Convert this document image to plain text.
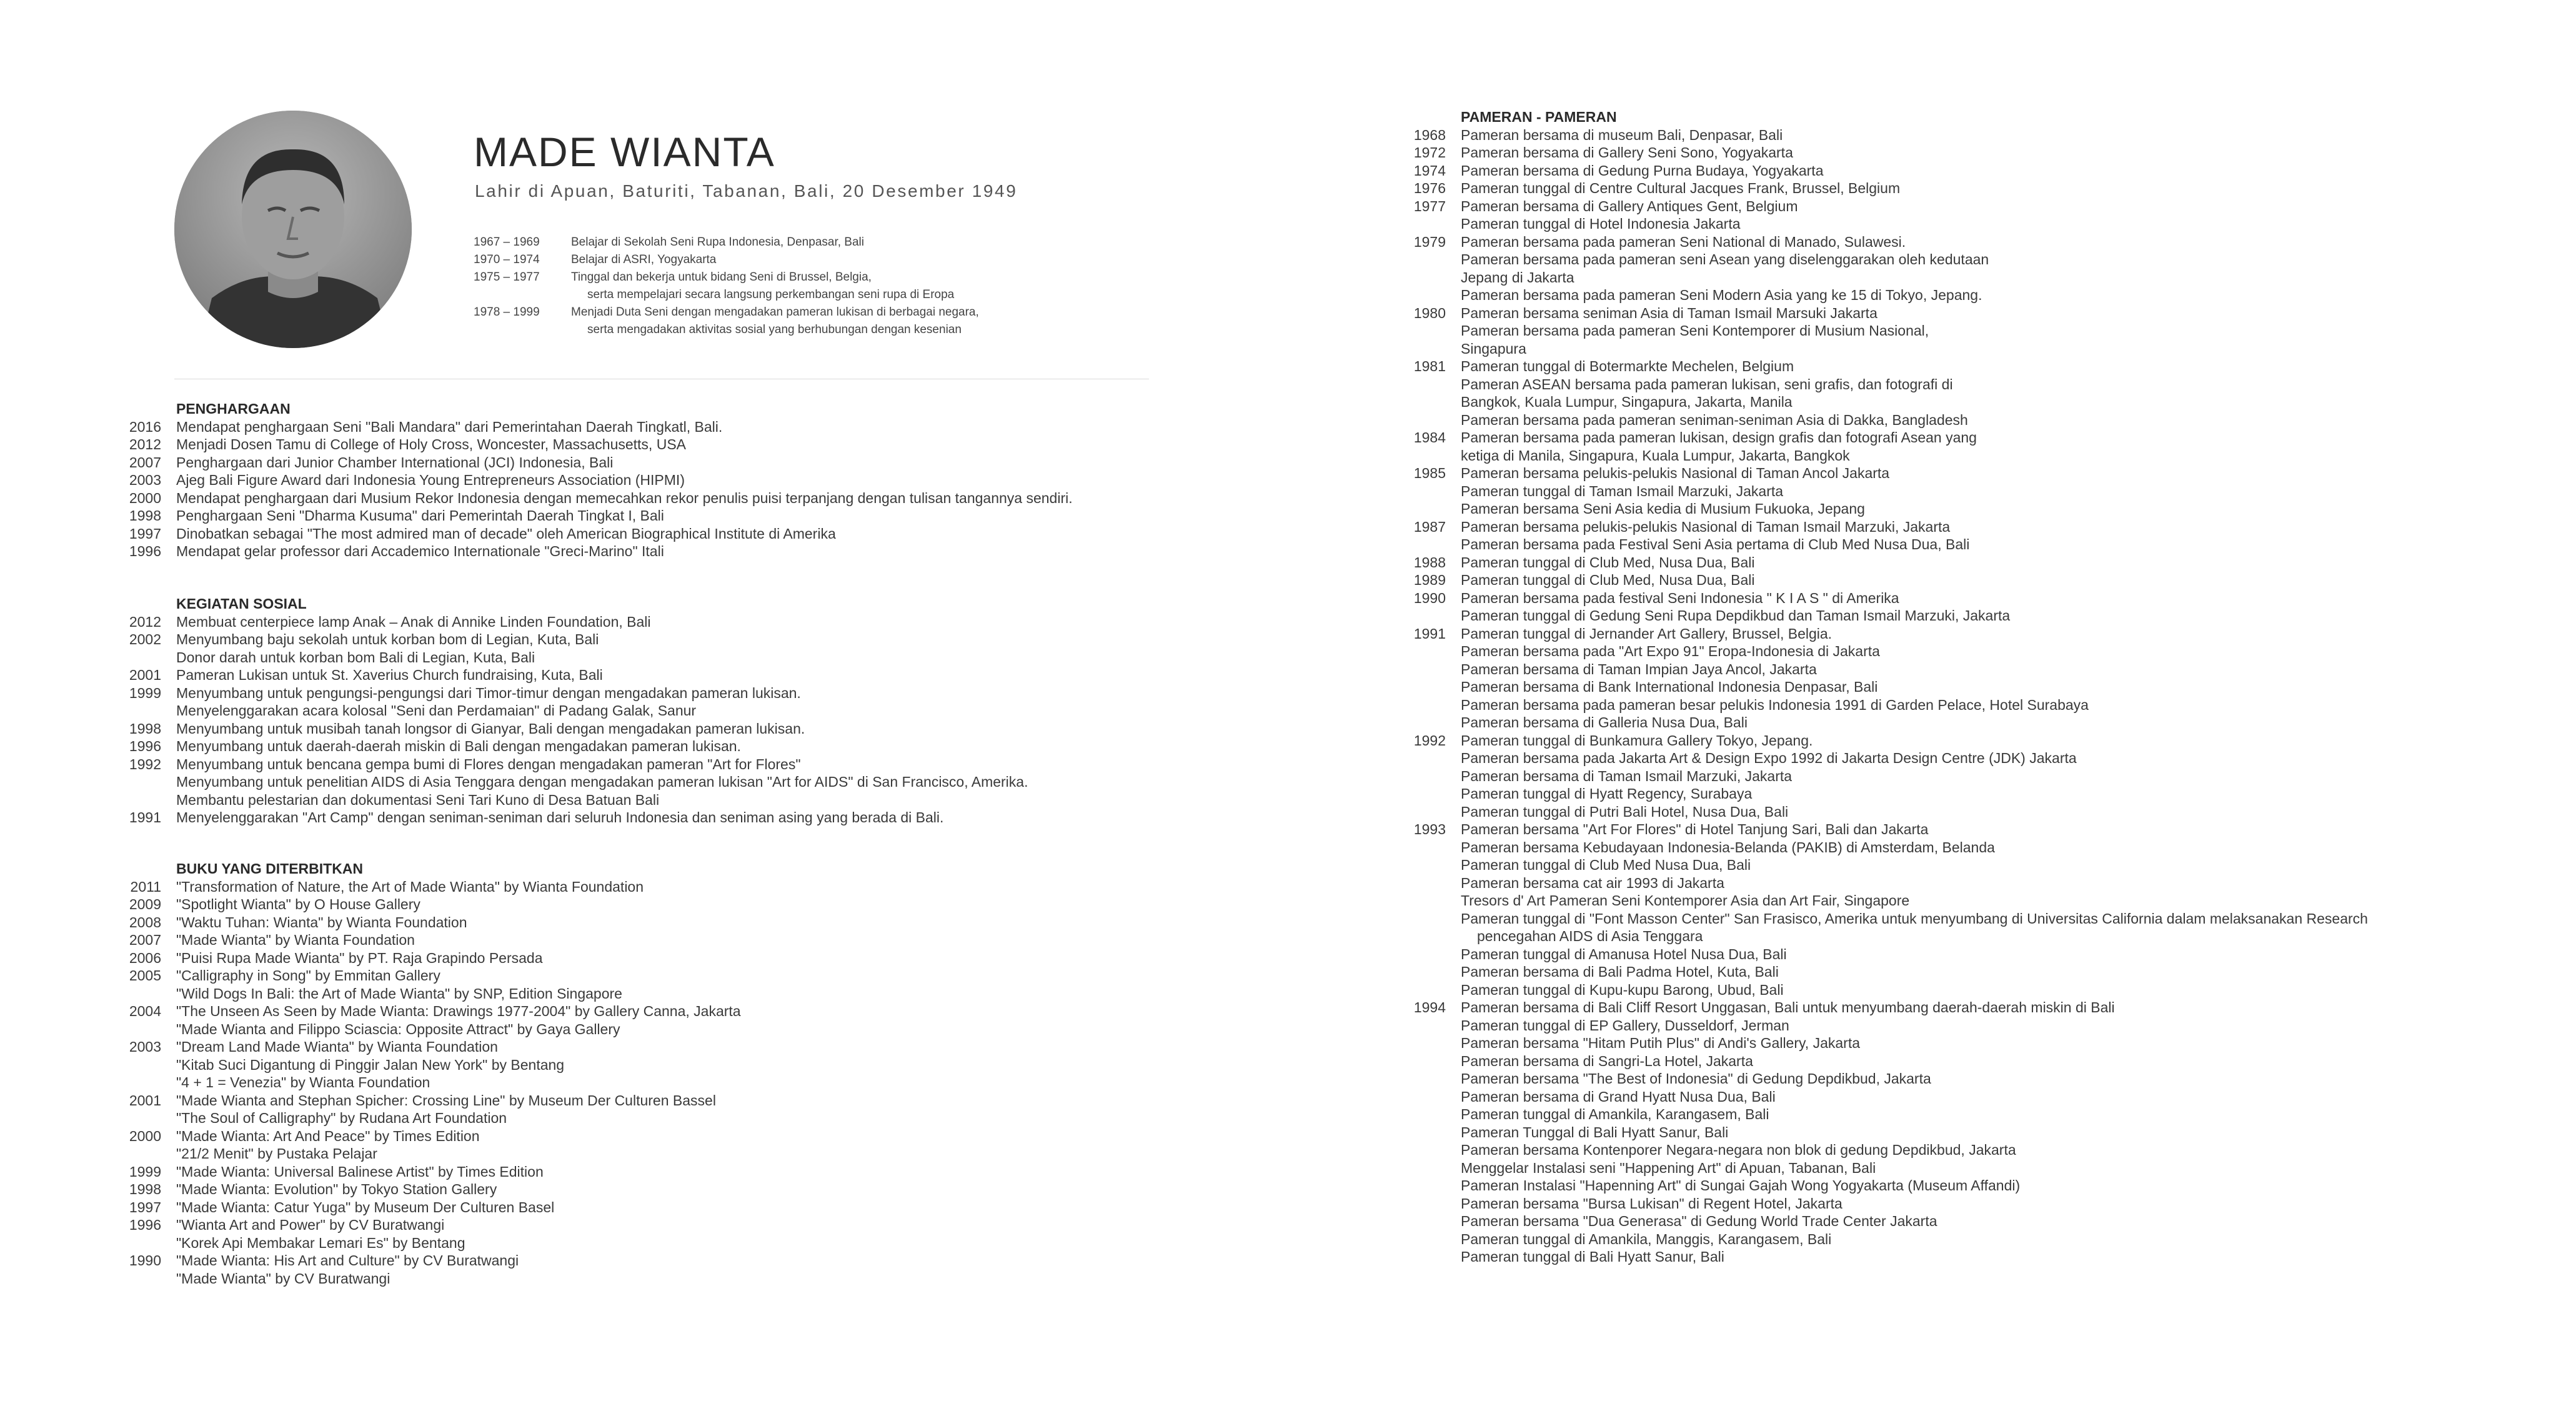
MADE WIANTA
Lahir di Apuan, Baturiti, Tabanan, Bali, 20 Desember 1949
1967 – 1969	Belajar di Sekolah Seni Rupa Indonesia, Denpasar, Bali
1970 – 1974	Belajar di ASRI, Yogyakarta
1975 – 1977	Tinggal dan bekerja untuk bidang Seni di Brussel, Belgia,
serta mempelajari secara langsung perkembangan seni rupa di Eropa
1978 – 1999	Menjadi Duta Seni dengan mengadakan pameran lukisan di berbagai negara,
serta mengadakan aktivitas sosial yang berhubungan dengan kesenian
PENGHARGAAN
2016	Mendapat penghargaan Seni "Bali Mandara" dari Pemerintahan Daerah Tingkatl, Bali.
2012	Menjadi Dosen Tamu di College of Holy Cross, Woncester, Massachusetts, USA
2007	Penghargaan dari Junior Chamber International (JCI) Indonesia, Bali
2003	Ajeg Bali Figure Award dari Indonesia Young Entrepreneurs Association (HIPMI)
2000	Mendapat penghargaan dari Musium Rekor Indonesia dengan memecahkan rekor penulis puisi terpanjang dengan tulisan tangannya sendiri.
1998	Penghargaan Seni "Dharma Kusuma" dari Pemerintah Daerah Tingkat I, Bali
1997	Dinobatkan sebagai "The most admired man of decade" oleh American Biographical Institute di Amerika
1996	Mendapat gelar professor dari Accademico Internationale "Greci-Marino" Itali
KEGIATAN SOSIAL
2012	Membuat centerpiece lamp Anak – Anak di Annike Linden Foundation, Bali
2002	Menyumbang baju sekolah untuk korban bom di Legian, Kuta, Bali
Donor darah untuk korban bom Bali di Legian, Kuta, Bali
2001	Pameran Lukisan untuk St. Xaverius Church fundraising, Kuta, Bali
1999	Menyumbang untuk pengungsi-pengungsi dari Timor-timur dengan mengadakan pameran lukisan.
Menyelenggarakan acara kolosal "Seni dan Perdamaian" di Padang Galak, Sanur
1998	Menyumbang untuk musibah tanah longsor di Gianyar, Bali dengan mengadakan pameran lukisan.
1996	Menyumbang untuk daerah-daerah miskin di Bali dengan mengadakan pameran lukisan.
1992	Menyumbang untuk bencana gempa bumi di Flores dengan mengadakan pameran "Art for Flores"
Menyumbang untuk penelitian AIDS di Asia Tenggara dengan mengadakan pameran lukisan "Art for AIDS" di San Francisco, Amerika.
Membantu pelestarian dan dokumentasi Seni Tari Kuno di Desa Batuan Bali
1991	Menyelenggarakan "Art Camp" dengan seniman-seniman dari seluruh Indonesia dan seniman asing yang berada di Bali.
BUKU YANG DITERBITKAN
2011	"Transformation of Nature, the Art of Made Wianta" by Wianta Foundation
2009	"Spotlight Wianta" by O House Gallery
2008	"Waktu Tuhan: Wianta" by Wianta Foundation
2007	"Made Wianta" by Wianta Foundation
2006	"Puisi Rupa Made Wianta" by PT. Raja Grapindo Persada
2005	"Calligraphy in Song" by Emmitan Gallery
"Wild Dogs In Bali: the Art of Made Wianta" by SNP, Edition Singapore
2004	"The Unseen As Seen by Made Wianta: Drawings 1977-2004" by Gallery Canna, Jakarta
"Made Wianta and Filippo Sciascia: Opposite Attract" by Gaya Gallery
2003	"Dream Land Made Wianta" by Wianta Foundation
"Kitab Suci Digantung di Pinggir Jalan New York" by Bentang
"4 + 1 = Venezia" by Wianta Foundation
2001	"Made Wianta and Stephan Spicher: Crossing Line" by Museum Der Culturen Bassel
"The Soul of Calligraphy" by Rudana Art Foundation
2000	"Made Wianta: Art And Peace" by Times Edition
"21/2 Menit" by Pustaka Pelajar
1999	"Made Wianta: Universal Balinese Artist" by Times Edition
1998	"Made Wianta: Evolution" by Tokyo Station Gallery
1997	"Made Wianta: Catur Yuga" by Museum Der Culturen Basel
1996	"Wianta Art and Power" by CV Buratwangi
"Korek Api Membakar Lemari Es" by Bentang
1990	"Made Wianta: His Art and Culture" by CV Buratwangi
"Made Wianta" by CV Buratwangi
PAMERAN - PAMERAN
1968	Pameran bersama di museum Bali, Denpasar, Bali
1972	Pameran bersama di Gallery Seni Sono, Yogyakarta
1974	Pameran bersama di Gedung Purna Budaya, Yogyakarta
1976	Pameran tunggal di Centre Cultural Jacques Frank, Brussel, Belgium
1977	Pameran bersama di Gallery Antiques Gent, Belgium
Pameran tunggal di Hotel Indonesia Jakarta
1979	Pameran bersama pada pameran Seni National di Manado, Sulawesi.
Pameran bersama pada pameran seni Asean yang diselenggarakan oleh kedutaan
Jepang di Jakarta
Pameran bersama pada pameran Seni Modern Asia yang ke 15 di Tokyo, Jepang.
1980	Pameran bersama seniman Asia di Taman Ismail Marsuki Jakarta
Pameran bersama pada pameran Seni Kontemporer di Musium Nasional,
Singapura
1981	Pameran tunggal di Botermarkte Mechelen, Belgium
Pameran ASEAN bersama pada pameran lukisan, seni grafis, dan fotografi di
Bangkok, Kuala Lumpur, Singapura, Jakarta, Manila
Pameran bersama pada pameran seniman-seniman Asia di Dakka, Bangladesh
1984	Pameran bersama pada pameran lukisan, design grafis dan fotografi Asean yang
ketiga di Manila, Singapura, Kuala Lumpur, Jakarta, Bangkok
1985	Pameran bersama pelukis-pelukis Nasional di Taman Ancol Jakarta
Pameran tunggal di Taman Ismail Marzuki, Jakarta
Pameran bersama Seni Asia kedia di Musium Fukuoka, Jepang
1987	Pameran bersama pelukis-pelukis Nasional di Taman Ismail Marzuki, Jakarta
Pameran bersama pada Festival Seni Asia pertama di Club Med Nusa Dua, Bali
1988	Pameran tunggal di Club Med, Nusa Dua, Bali
1989	Pameran tunggal di Club Med, Nusa Dua, Bali
1990	Pameran bersama pada festival Seni Indonesia " K I A S " di Amerika
Pameran tunggal di Gedung Seni Rupa Depdikbud dan Taman Ismail Marzuki, Jakarta
1991	Pameran tunggal di Jernander Art Gallery, Brussel, Belgia.
Pameran bersama pada "Art Expo 91" Eropa-Indonesia di Jakarta
Pameran bersama di Taman Impian Jaya Ancol, Jakarta
Pameran bersama di Bank International Indonesia Denpasar, Bali
Pameran bersama pada pameran besar pelukis Indonesia 1991 di Garden Pelace, Hotel Surabaya
Pameran bersama di Galleria Nusa Dua, Bali
1992	Pameran tunggal di Bunkamura Gallery Tokyo, Jepang.
Pameran bersama pada Jakarta Art & Design Expo 1992 di Jakarta Design Centre (JDK) Jakarta
Pameran bersama di Taman Ismail Marzuki, Jakarta
Pameran tunggal di Hyatt Regency, Surabaya
Pameran tunggal di Putri Bali Hotel, Nusa Dua, Bali
1993	Pameran bersama "Art For Flores" di Hotel Tanjung Sari, Bali dan Jakarta
Pameran bersama Kebudayaan Indonesia-Belanda (PAKIB) di Amsterdam, Belanda
Pameran tunggal di Club Med Nusa Dua, Bali
Pameran bersama cat air 1993 di Jakarta
Tresors d' Art Pameran Seni Kontemporer Asia dan Art Fair, Singapore
Pameran tunggal di "Font Masson Center" San Frasisco, Amerika untuk menyumbang di Universitas California dalam melaksanakan Research
pencegahan AIDS di Asia Tenggara
Pameran tunggal di Amanusa Hotel Nusa Dua, Bali
Pameran bersama di Bali Padma Hotel, Kuta, Bali
Pameran tunggal di Kupu-kupu Barong, Ubud, Bali
1994	Pameran bersama di Bali Cliff Resort Unggasan, Bali untuk menyumbang daerah-daerah miskin di Bali
Pameran tunggal di EP Gallery, Dusseldorf, Jerman
Pameran bersama "Hitam Putih Plus" di Andi's Gallery, Jakarta
Pameran bersama di Sangri-La Hotel, Jakarta
Pameran bersama "The Best of Indonesia" di Gedung Depdikbud, Jakarta
Pameran bersama di Grand Hyatt Nusa Dua, Bali
Pameran tunggal di Amankila, Karangasem, Bali
Pameran Tunggal di Bali Hyatt Sanur, Bali
Pameran bersama Kontenporer Negara-negara non blok di gedung Depdikbud, Jakarta
Menggelar Instalasi seni "Happening Art" di Apuan, Tabanan, Bali
Pameran Instalasi "Hapenning Art" di Sungai Gajah Wong Yogyakarta (Museum Affandi)
Pameran bersama "Bursa Lukisan" di Regent Hotel, Jakarta
Pameran bersama "Dua Generasa" di Gedung World Trade Center Jakarta
Pameran tunggal di Amankila, Manggis, Karangasem, Bali
Pameran tunggal di Bali Hyatt Sanur, Bali
